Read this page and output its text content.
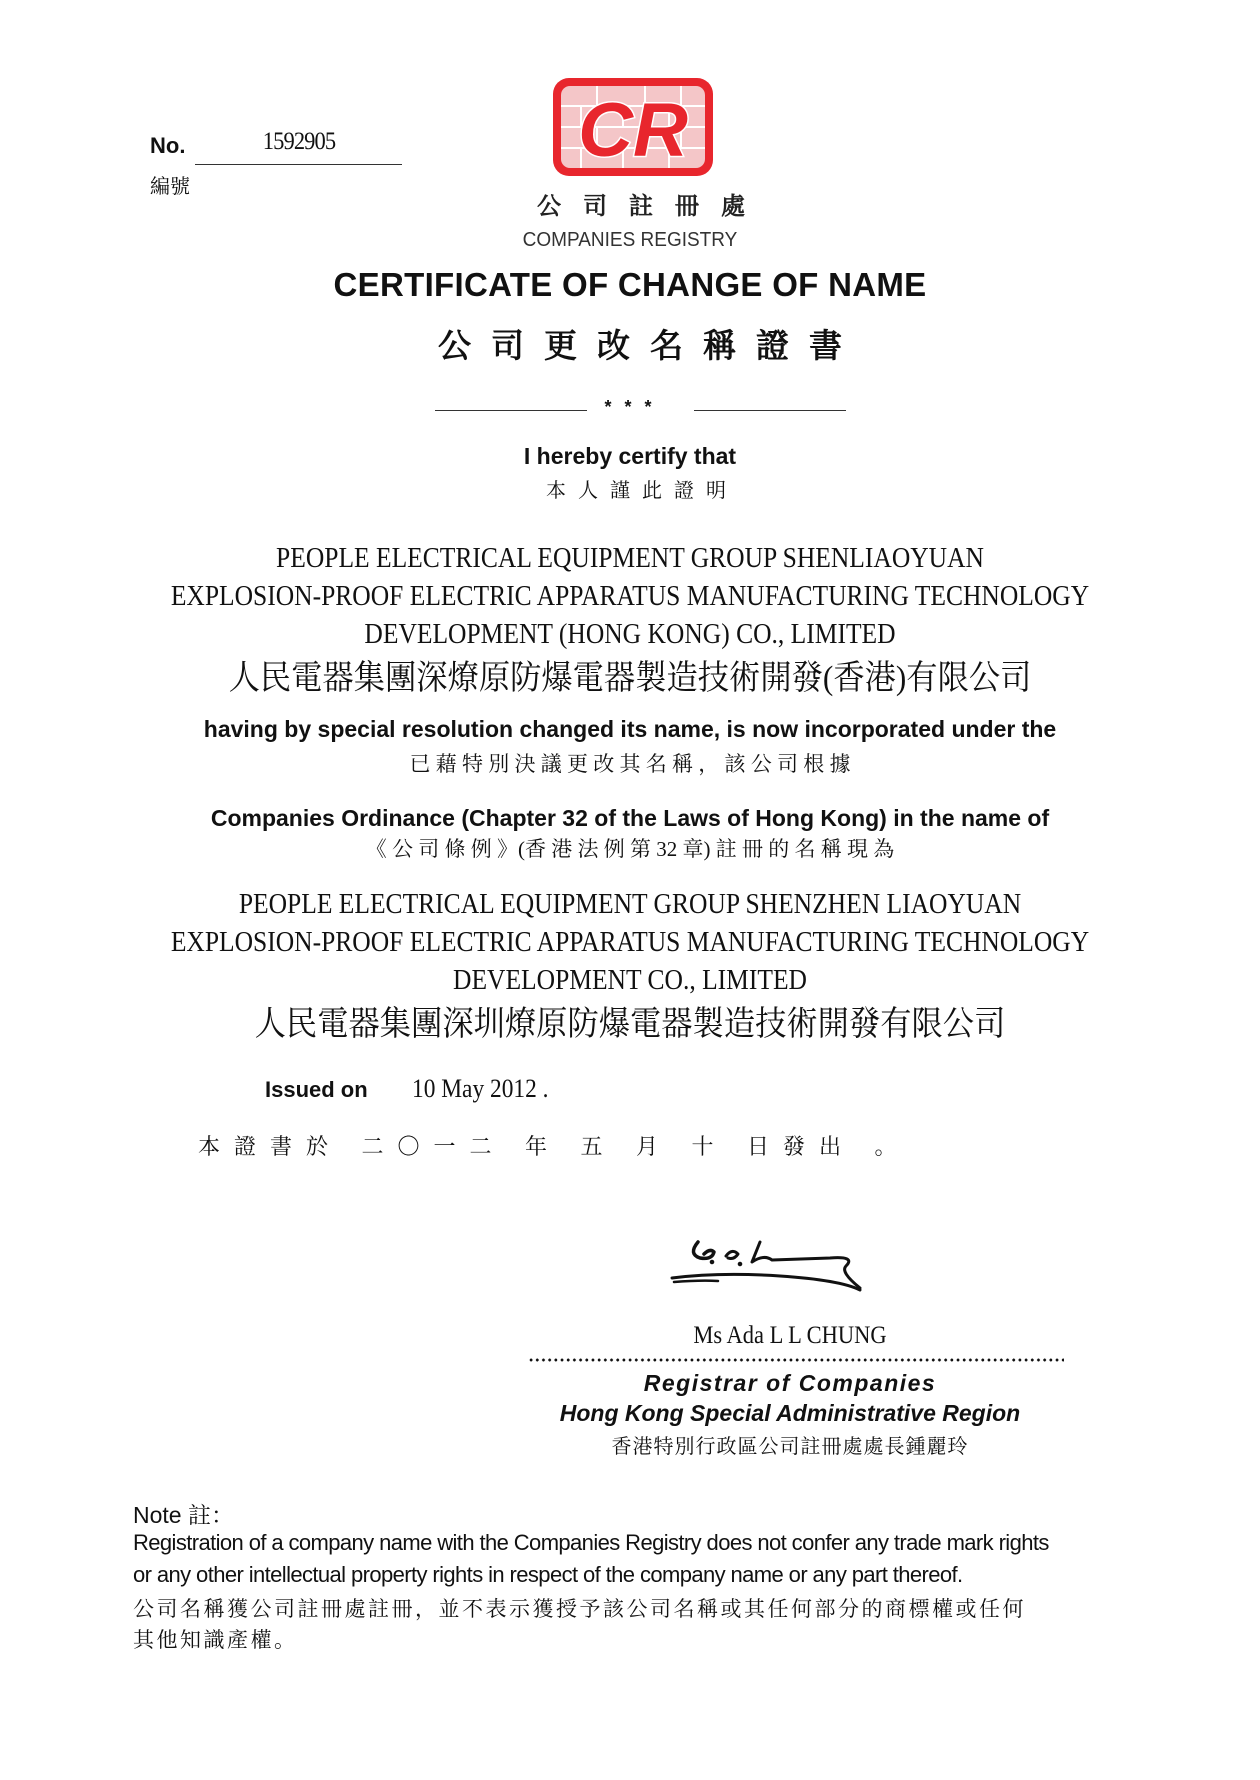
No.	1592905
編號
CR
公司註冊處
COMPANIES REGISTRY
CERTIFICATE OF CHANGE OF NAME
公司更改名稱證書
* * *
I hereby certify that
本人謹此證明
PEOPLE ELECTRICAL EQUIPMENT GROUP SHENLIAOYUAN
EXPLOSION-PROOF ELECTRIC APPARATUS MANUFACTURING TECHNOLOGY
DEVELOPMENT (HONG KONG) CO., LIMITED
人民電器集團深燎原防爆電器製造技術開發(香港)有限公司
having by special resolution changed its name, is now incorporated under the
已 藉 特 別 決 議 更 改 其 名 稱 ， 該 公 司 根 據
Companies Ordinance (Chapter 32 of the Laws of Hong Kong) in the name of
《 公 司 條 例 》(香 港 法 例 第 32 章) 註 冊 的 名 稱 現 為
PEOPLE ELECTRICAL EQUIPMENT GROUP SHENZHEN LIAOYUAN
EXPLOSION-PROOF ELECTRIC APPARATUS MANUFACTURING TECHNOLOGY
DEVELOPMENT CO., LIMITED
人民電器集團深圳燎原防爆電器製造技術開發有限公司
Issued on 10 May 2012 .
本證書於 二〇一二 年 五 月 十 日發出 。
Ms Ada L L CHUNG
Registrar of Companies
Hong Kong Special Administrative Region
香港特別行政區公司註冊處處長鍾麗玲
Note 註：
Registration of a company name with the Companies Registry does not confer any trade mark rights
or any other intellectual property rights in respect of the company name or any part thereof.
公司名稱獲公司註冊處註冊，並不表示獲授予該公司名稱或其任何部分的商標權或任何
其他知識產權。
